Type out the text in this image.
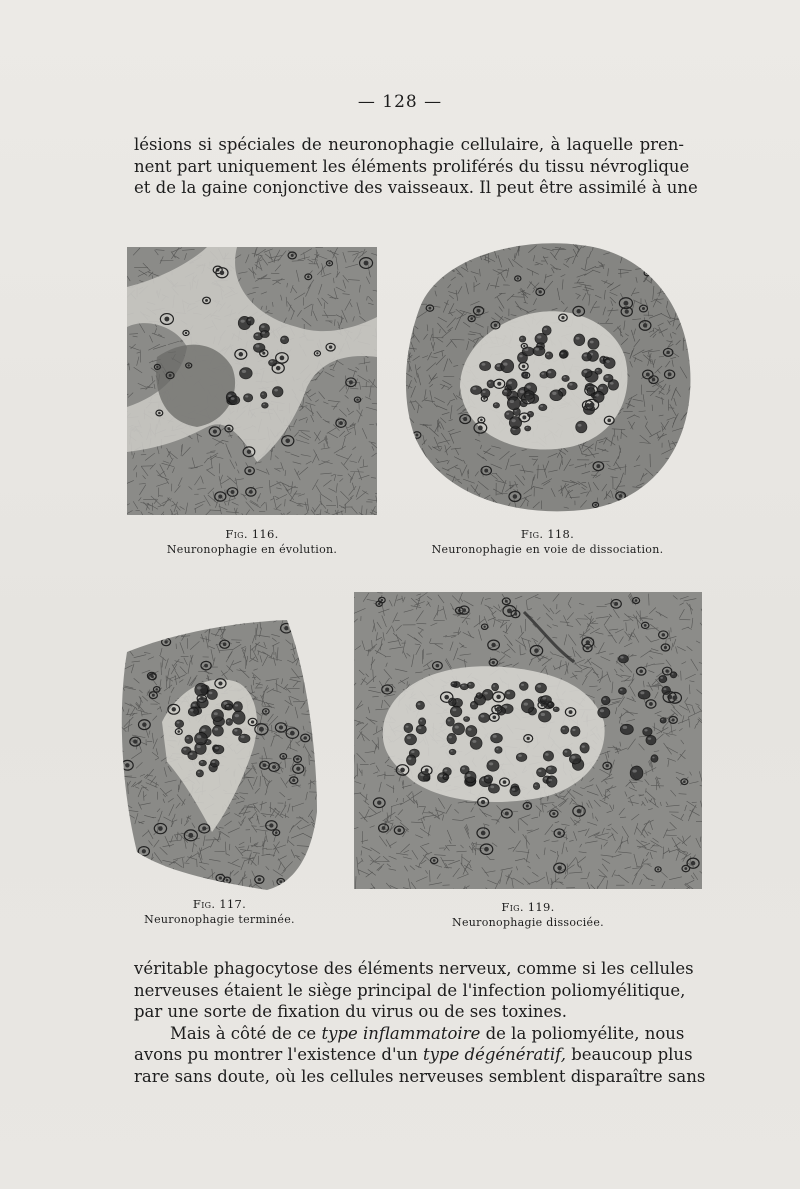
— 128 —

lésions si spéciales de neuronophagie cellulaire, à laquelle pren-
nent part uniquement les éléments proliférés du tissu névroglique
et de la gaine conjonctive des vaisseaux. Il peut être assimilé à une

Fig. 116.
Neuronophagie en évolution.
Fig. 118.
Neuronophagie en voie de dissociation.
Fig. 117.
Neuronophagie terminée.
Fig. 119.
Neuronophagie dissociée.

véritable phagocytose des éléments nerveux, comme si les cellules
nerveuses étaient le siège principal de l'infection poliomyélitique,
par une sorte de fixation du virus ou de ses toxines.
Mais à côté de ce type inflammatoire de la poliomyélite, nous
avons pu montrer l'existence d'un type dégénératif, beaucoup plus
rare sans doute, où les cellules nerveuses semblent disparaître sans
